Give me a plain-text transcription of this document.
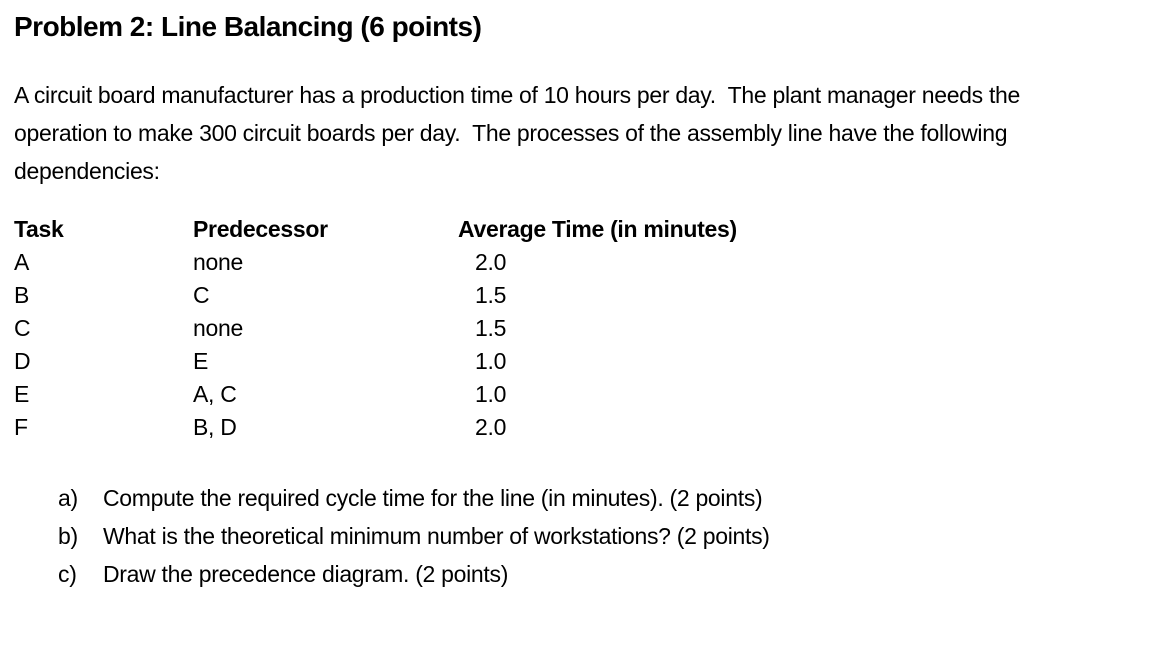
Problem 2: Line Balancing (6 points)
A circuit board manufacturer has a production time of 10 hours per day.  The plant manager needs the
operation to make 300 circuit boards per day.  The processes of the assembly line have the following
dependencies:
Task	Predecessor	Average Time (in minutes)
A	none	2.0
B	C	1.5
C	none	1.5
D	E	1.0
E	A, C	1.0
F	B, D	2.0
a)	Compute the required cycle time for the line (in minutes). (2 points)
b)	What is the theoretical minimum number of workstations? (2 points)
c)	Draw the precedence diagram. (2 points)
